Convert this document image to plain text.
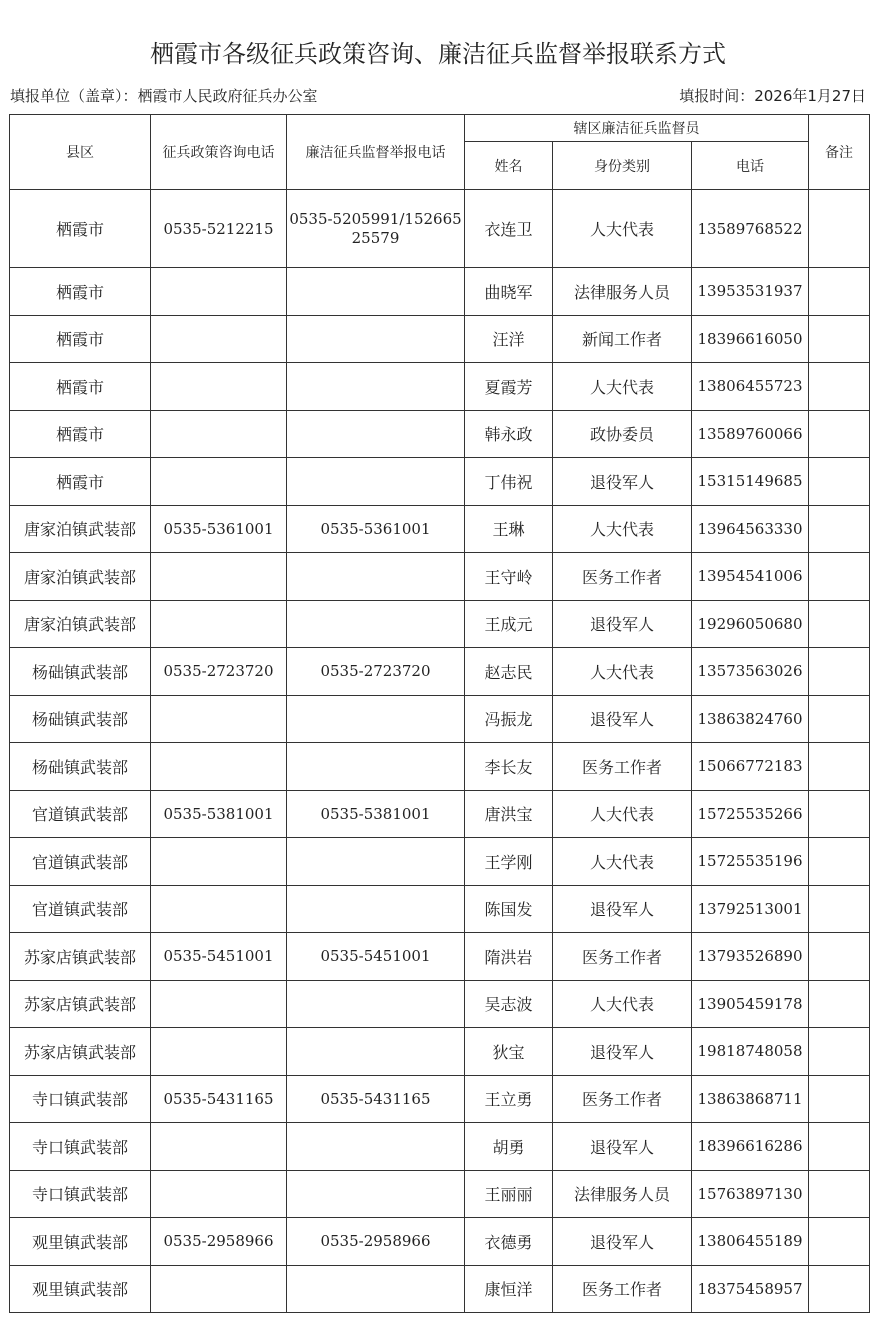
栖霞市各级征兵政策咨询、廉洁征兵监督举报联系方式
填报单位（盖章）：栖霞市人民政府征兵办公室	填报时间：2026年1月27日
县区	征兵政策咨询电话	廉洁征兵监督举报电话	辖区廉洁征兵监督员			备注
			姓名	身份类别	电话	
栖霞市	0535-5212215	0535-5205991/15266525579	衣连卫	人大代表	13589768522	
栖霞市			曲晓军	法律服务人员	13953531937	
栖霞市			汪洋	新闻工作者	18396616050	
栖霞市			夏霞芳	人大代表	13806455723	
栖霞市			韩永政	政协委员	13589760066	
栖霞市			丁伟祝	退役军人	15315149685	
唐家泊镇武装部	0535-5361001	0535-5361001	王琳	人大代表	13964563330	
唐家泊镇武装部			王守岭	医务工作者	13954541006	
唐家泊镇武装部			王成元	退役军人	19296050680	
杨础镇武装部	0535-2723720	0535-2723720	赵志民	人大代表	13573563026	
杨础镇武装部			冯振龙	退役军人	13863824760	
杨础镇武装部			李长友	医务工作者	15066772183	
官道镇武装部	0535-5381001	0535-5381001	唐洪宝	人大代表	15725535266	
官道镇武装部			王学刚	人大代表	15725535196	
官道镇武装部			陈国发	退役军人	13792513001	
苏家店镇武装部	0535-5451001	0535-5451001	隋洪岩	医务工作者	13793526890	
苏家店镇武装部			吴志波	人大代表	13905459178	
苏家店镇武装部			狄宝	退役军人	19818748058	
寺口镇武装部	0535-5431165	0535-5431165	王立勇	医务工作者	13863868711	
寺口镇武装部			胡勇	退役军人	18396616286	
寺口镇武装部			王丽丽	法律服务人员	15763897130	
观里镇武装部	0535-2958966	0535-2958966	衣德勇	退役军人	13806455189	
观里镇武装部			康恒洋	医务工作者	18375458957	
